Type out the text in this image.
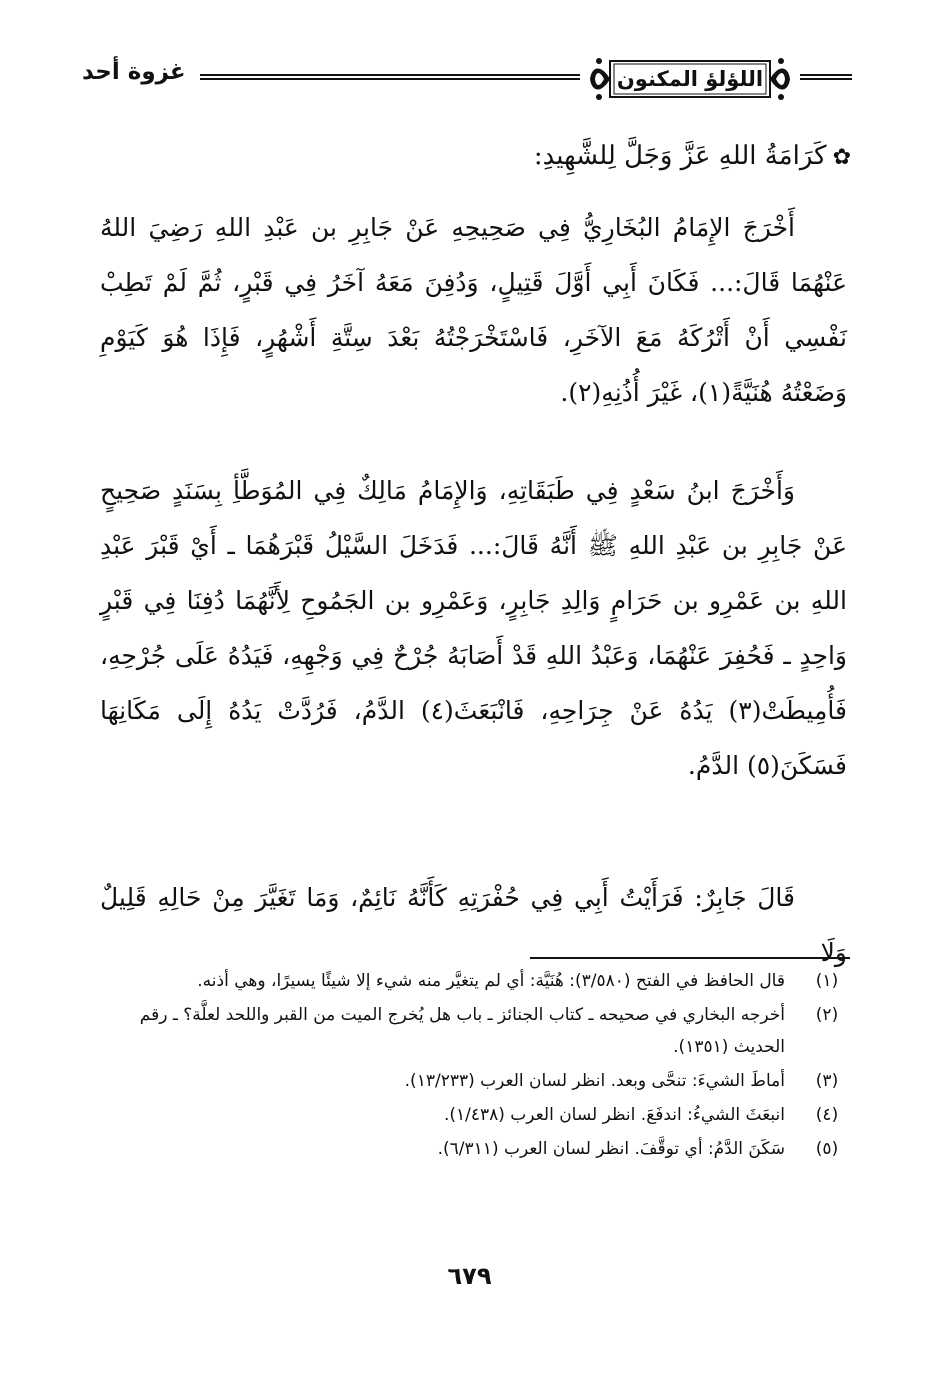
غزوة أحد	اللؤلؤ المكنون
✿كَرَامَةُ اللهِ عَزَّ وَجَلَّ لِلشَّهِيدِ:
أَخْرَجَ الإِمَامُ البُخَارِيُّ فِي صَحِيحِهِ عَنْ جَابِرِ بن عَبْدِ اللهِ رَضِيَ اللهُ عَنْهُمَا قَالَ:... فَكَانَ أَبِي أَوَّلَ قَتِيلٍ، وَدُفِنَ مَعَهُ آخَرُ فِي قَبْرٍ، ثُمَّ لَمْ تَطِبْ نَفْسِي أَنْ أَتْرُكَهُ مَعَ الآخَرِ، فَاسْتَخْرَجْتُهُ بَعْدَ سِتَّةِ أَشْهُرٍ، فَإِذَا هُوَ كَيَوْمِ وَضَعْتُهُ هُنَيَّةً(١)، غَيْرَ أُذُنِهِ(٢).
وَأَخْرَجَ ابنُ سَعْدٍ فِي طَبَقَاتِهِ، وَالإِمَامُ مَالِكٌ فِي المُوَطَّأِ بِسَنَدٍ صَحِيحٍ عَنْ جَابِرِ بن عَبْدِ اللهِ ﷺ أَنَّهُ قَالَ:... فَدَخَلَ السَّيْلُ قَبْرَهُمَا ـ أَيْ قَبْرَ عَبْدِ اللهِ بن عَمْرِو بن حَرَامٍ وَالِدِ جَابِرٍ، وَعَمْرِو بن الجَمُوحِ لِأَنَّهُمَا دُفِنَا فِي قَبْرٍ وَاحِدٍ ـ فَحُفِرَ عَنْهُمَا، وَعَبْدُ اللهِ قَدْ أَصَابَهُ جُرْحٌ فِي وَجْهِهِ، فَيَدُهُ عَلَى جُرْحِهِ، فَأُمِيطَتْ(٣) يَدُهُ عَنْ جِرَاحِهِ، فَانْبَعَثَ(٤) الدَّمُ، فَرُدَّتْ يَدُهُ إِلَى مَكَانِهَا فَسَكَنَ(٥) الدَّمُ.
قَالَ جَابِرٌ: فَرَأَيْتُ أَبِي فِي حُفْرَتِهِ كَأَنَّهُ نَائِمٌ، وَمَا تَغَيَّرَ مِنْ حَالِهِ قَلِيلٌ وَلَا
(١)
قال الحافظ في الفتح (٣/٥٨٠): هُنَيَّة: أي لم يتغيَّر منه شيء إلا شيئًا يسيرًا، وهي أذنه.
(٢)
أخرجه البخاري في صحيحه ـ كتاب الجنائز ـ باب هل يُخرج الميت من القبر واللحد لعلَّة؟ ـ رقم الحديث (١٣٥١).
(٣)
أماطَ الشيءَ: تنحَّى وبعد. انظر لسان العرب (١٣/٢٣٣).
(٤)
انبعَثَ الشيءُ: اندفَعَ. انظر لسان العرب (١/٤٣٨).
(٥)
سَكَنَ الدَّمُ: أي توقَّفَ. انظر لسان العرب (٦/٣١١).
٦٧٩
